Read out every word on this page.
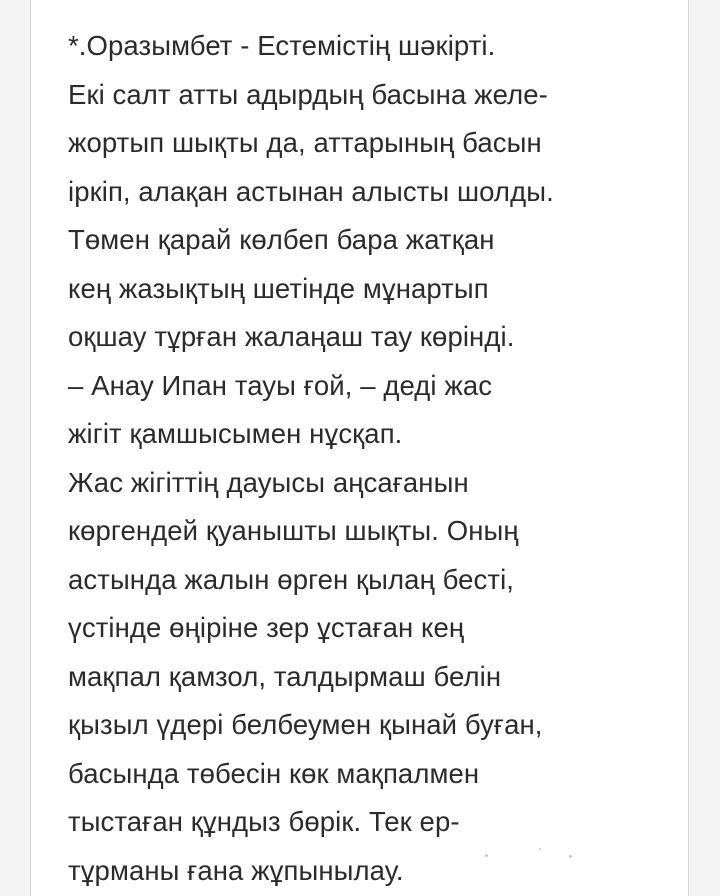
*.Оразымбет - Естемістің шәкірті.
Екі салт атты адырдың басына желе-
жортып шықты да, аттарының басын
іркіп, алақан астынан алысты шолды.
Төмен қарай көлбеп бара жатқан
кең жазықтың шетінде мұнартып
оқшау тұрған жалаңаш тау көрінді.
– Анау Ипан тауы ғой, – деді жас
жігіт қамшысымен нұсқап.
Жас жігіттің дауысы аңсағанын
көргендей қуанышты шықты. Оның
астында жалын өрген қылаң бесті,
үстінде өңіріне зер ұстаған кең
мақпал қамзол, талдырмаш белін
қызыл үдері белбеумен қынай буған,
басында төбесін көк мақпалмен
тыстаған құндыз бөрік. Тек ер-
тұрманы ғана жұпынылау.
